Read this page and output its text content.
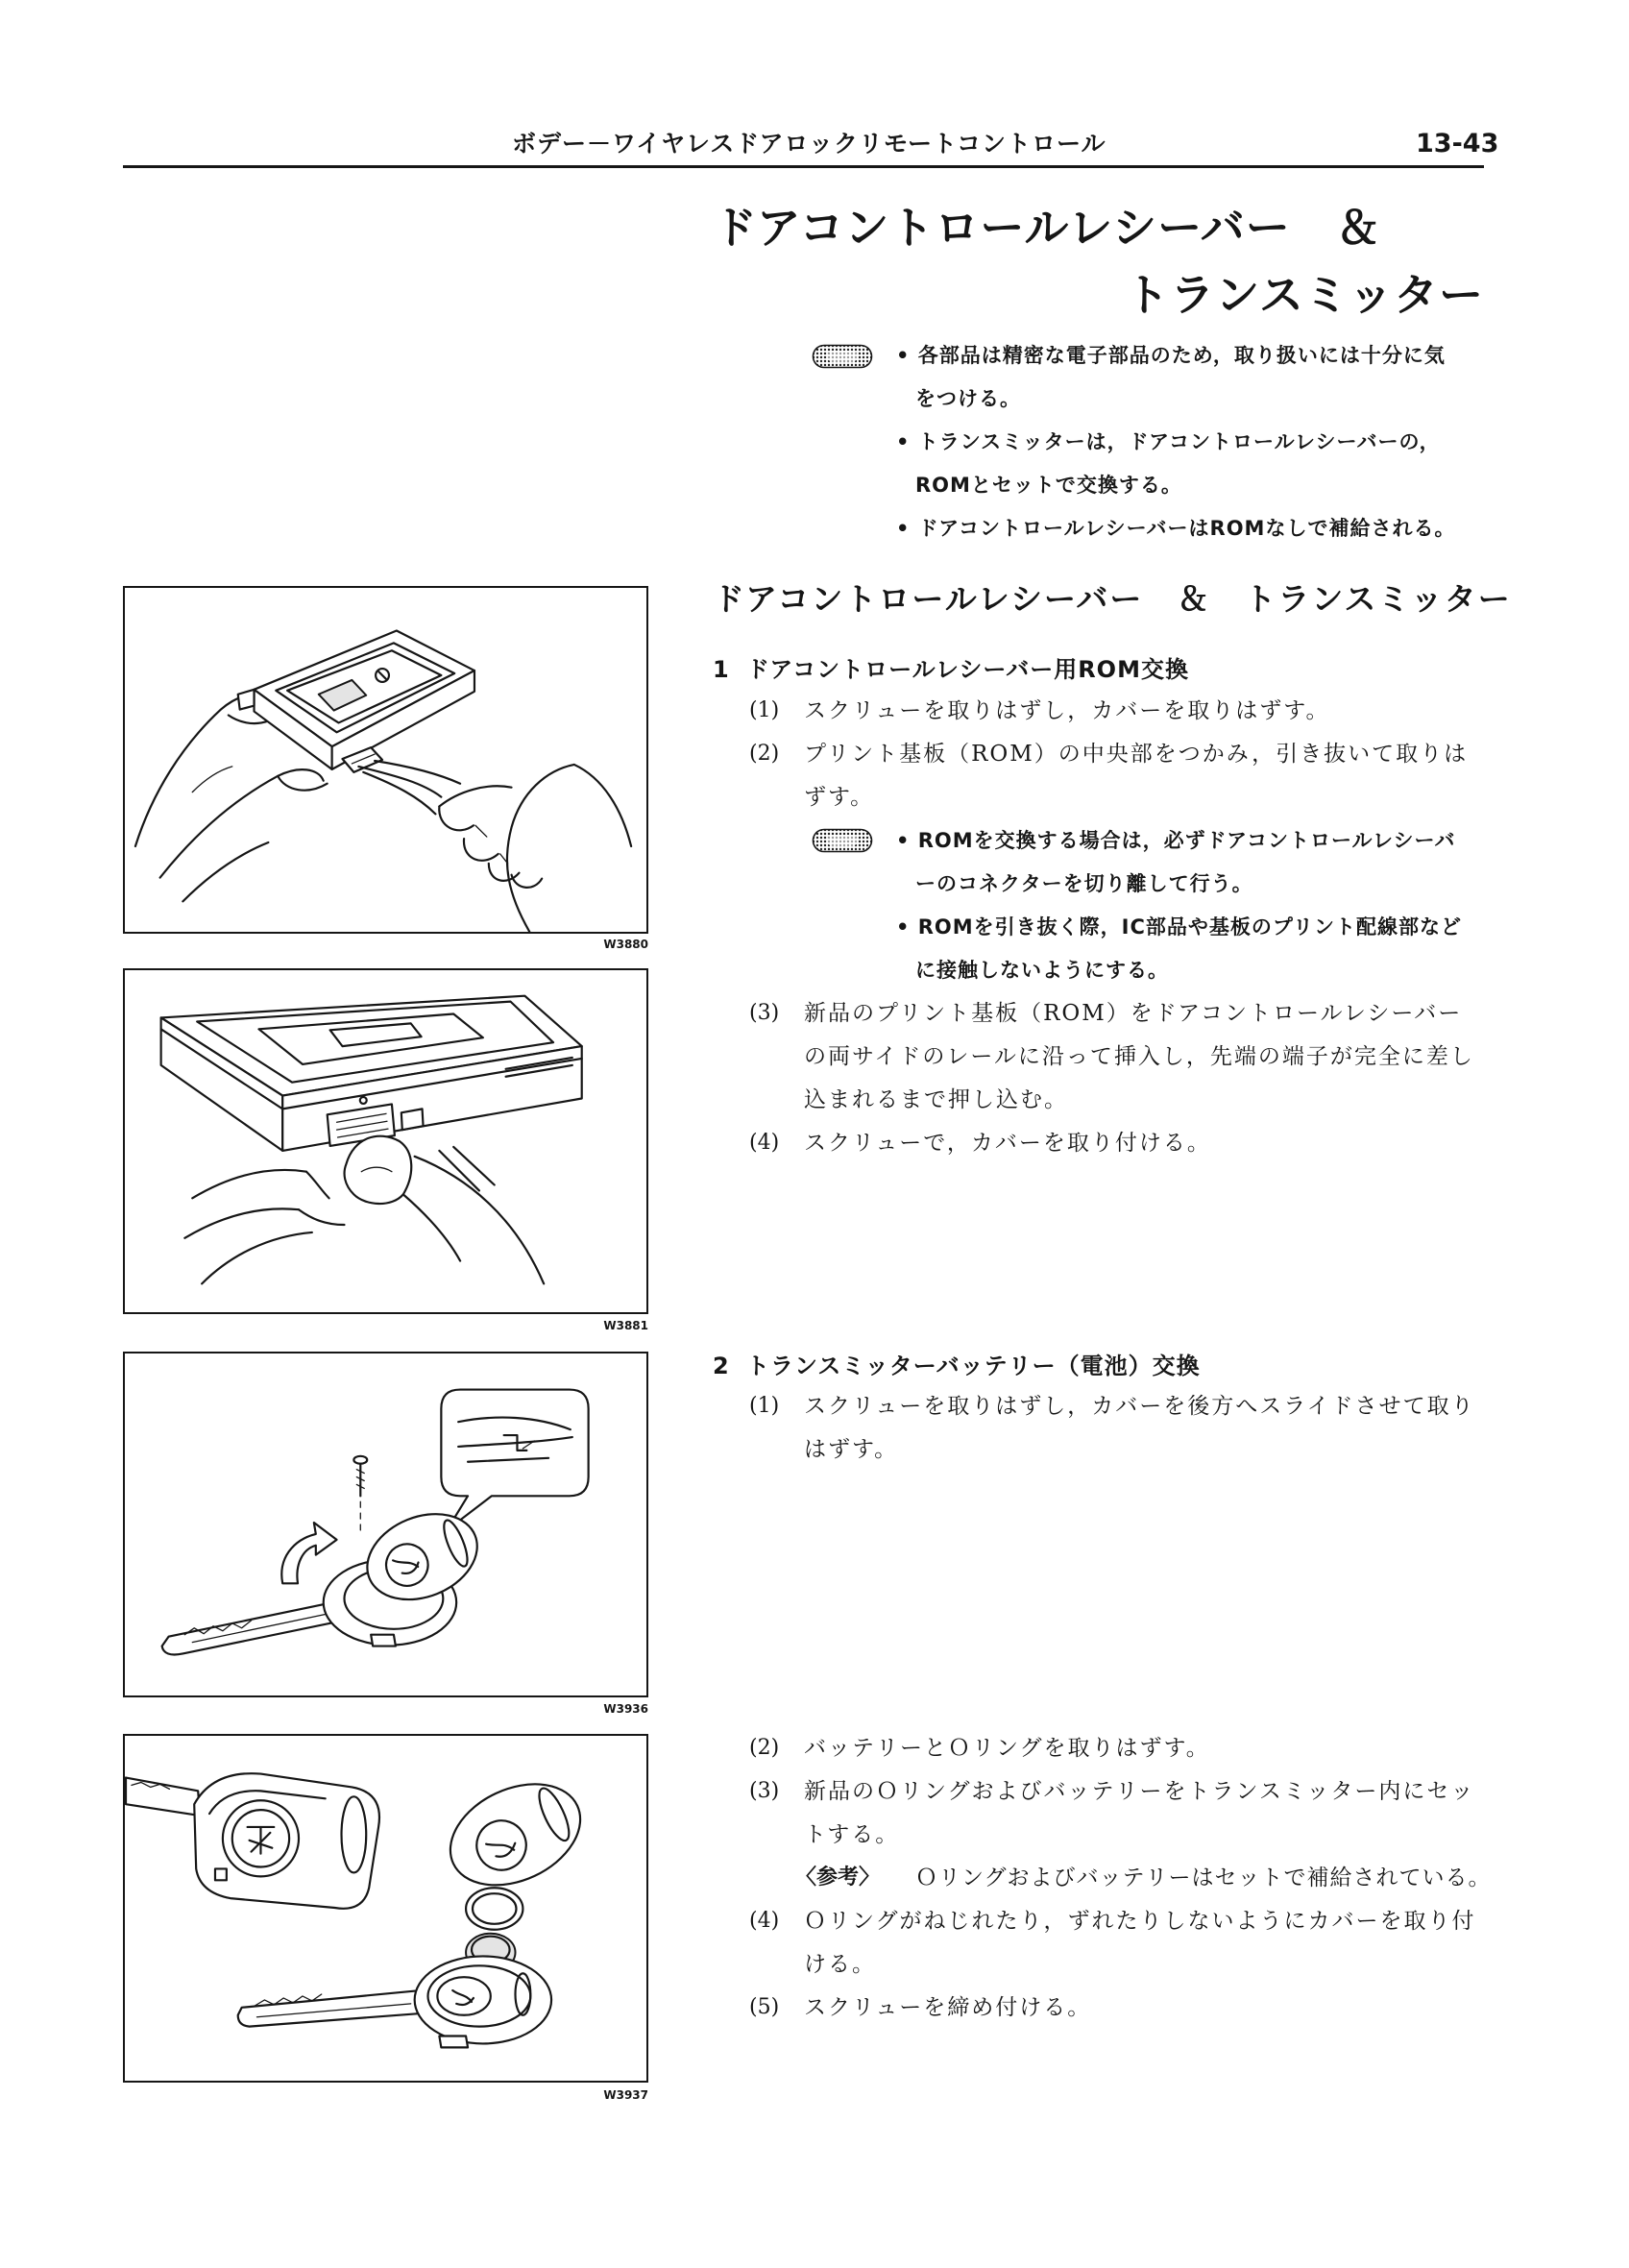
ボデー－ワイヤレスドアロックリモートコントロール	13-43
ドアコントロールレシーバー　＆
トランスミッター
• 各部品は精密な電子部品のため，取り扱いには十分に気
をつける。
• トランスミッターは，ドアコントロールレシーバーの，
ROMとセットで交換する。
• ドアコントロールレシーバーはROMなしで補給される。
ドアコントロールレシーバー　＆　トランスミッター
1 ドアコントロールレシーバー用ROM交換
(1) スクリューを取りはずし，カバーを取りはずす。
(2) プリント基板（ROM）の中央部をつかみ，引き抜いて取りは
ずす。
• ROMを交換する場合は，必ずドアコントロールレシーバ
ーのコネクターを切り離して行う。
• ROMを引き抜く際，IC部品や基板のプリント配線部など
に接触しないようにする。
(3) 新品のプリント基板（ROM）をドアコントロールレシーバー
の両サイドのレールに沿って挿入し，先端の端子が完全に差し
込まれるまで押し込む。
(4) スクリューで，カバーを取り付ける。
2 トランスミッターバッテリー（電池）交換
(1) スクリューを取りはずし，カバーを後方へスライドさせて取り
はずす。
(2) バッテリーとＯリングを取りはずす。
(3) 新品のＯリングおよびバッテリーをトランスミッター内にセッ
トする。
〈参考〉 Ｏリングおよびバッテリーはセットで補給されている。
(4) Ｏリングがねじれたり，ずれたりしないようにカバーを取り付
ける。
(5) スクリューを締め付ける。
W3880
W3881
W3936
W3937
